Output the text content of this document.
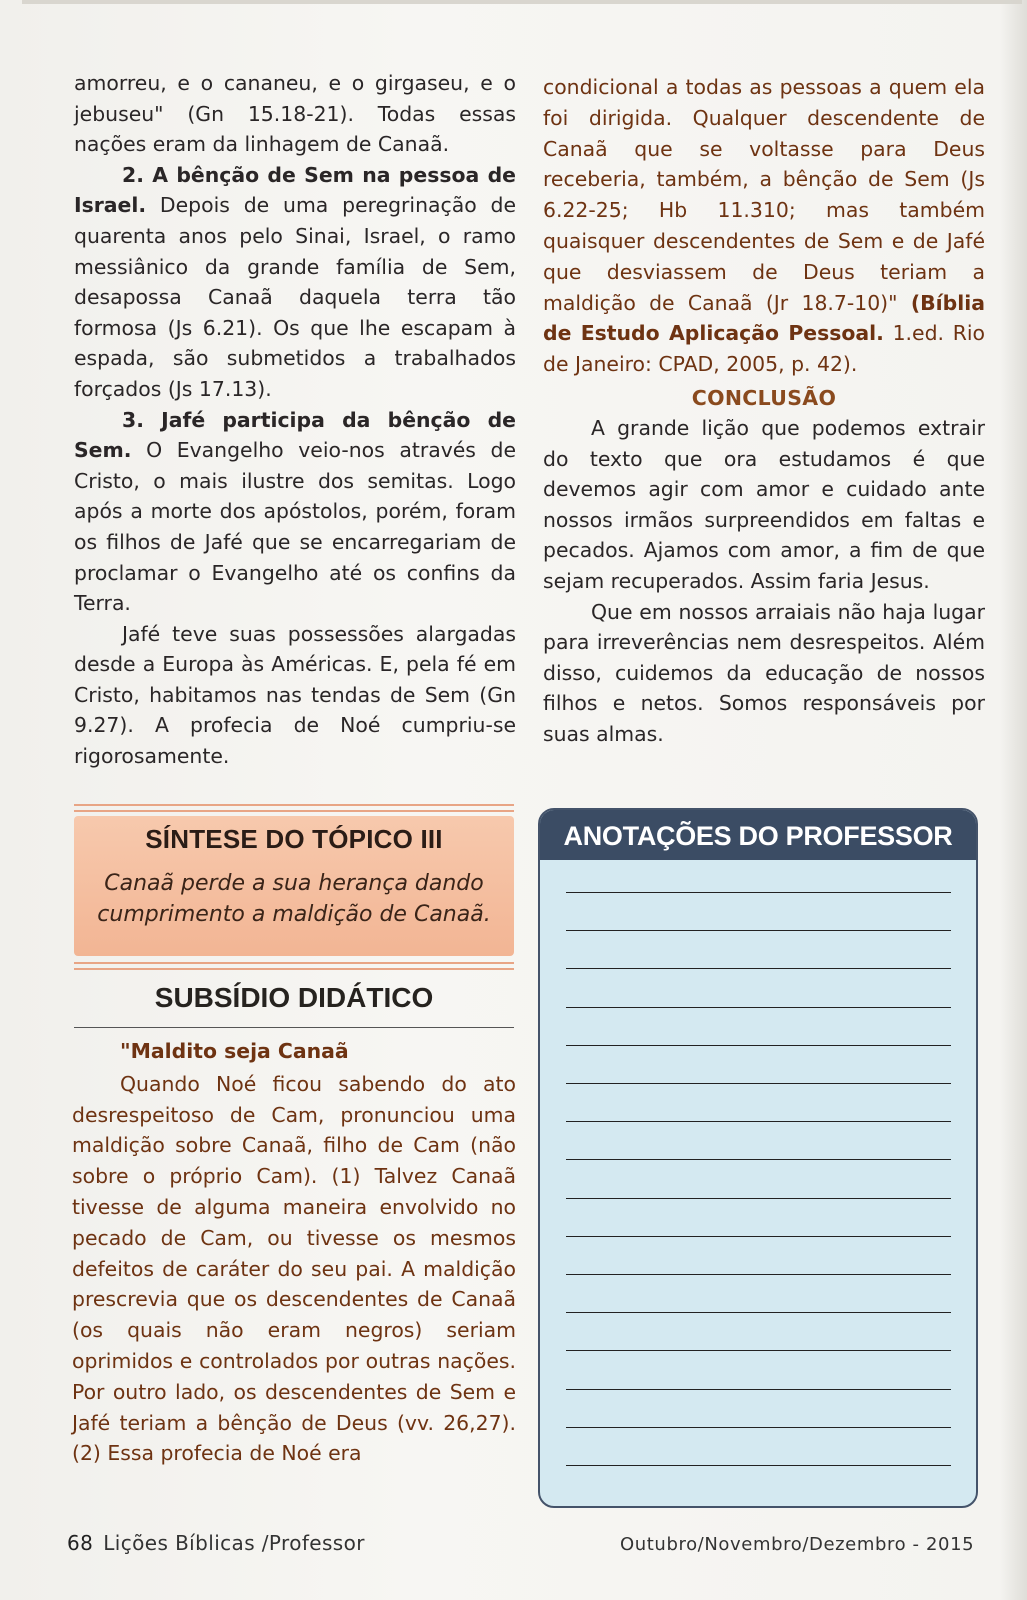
amorreu, e o cananeu, e o girgaseu, e o jebuseu" (Gn 15.18-21). Todas essas nações eram da linhagem de Canaã.

2. A bênção de Sem na pessoa de Israel. Depois de uma peregrinação de quarenta anos pelo Sinai, Israel, o ramo messiânico da grande família de Sem, desapossa Canaã daquela terra tão formosa (Js 6.21). Os que lhe escapam à espada, são submetidos a trabalhados forçados (Js 17.13).

3. Jafé participa da bênção de Sem. O Evangelho veio-nos através de Cristo, o mais ilustre dos semitas. Logo após a morte dos apóstolos, porém, foram os filhos de Jafé que se encarregariam de proclamar o Evangelho até os confins da Terra.

Jafé teve suas possessões alargadas desde a Europa às Américas. E, pela fé em Cristo, habitamos nas tendas de Sem (Gn 9.27). A profecia de Noé cumpriu-se rigorosamente.

SÍNTESE DO TÓPICO III
Canaã perde a sua herança dando cumprimento a maldição de Canaã.
SUBSÍDIO DIDÁTICO

"Maldito seja Canaã

Quando Noé ficou sabendo do ato desrespeitoso de Cam, pronunciou uma maldição sobre Canaã, filho de Cam (não sobre o próprio Cam). (1) Talvez Canaã tivesse de alguma maneira envolvido no pecado de Cam, ou tivesse os mesmos defeitos de caráter do seu pai. A maldição prescrevia que os descendentes de Canaã (os quais não eram negros) seriam oprimidos e controlados por outras nações. Por outro lado, os descendentes de Sem e Jafé teriam a bênção de Deus (vv. 26,27). (2) Essa profecia de Noé era

condicional a todas as pessoas a quem ela foi dirigida. Qualquer descendente de Canaã que se voltasse para Deus receberia, também, a bênção de Sem (Js 6.22-25; Hb 11.310; mas também quaisquer descendentes de Sem e de Jafé que desviassem de Deus teriam a maldição de Canaã (Jr 18.7-10)" (Bíblia de Estudo Aplicação Pessoal. 1.ed. Rio de Janeiro: CPAD, 2005, p. 42).

CONCLUSÃO

A grande lição que podemos extrair do texto que ora estudamos é que devemos agir com amor e cuidado ante nossos irmãos surpreendidos em faltas e pecados. Ajamos com amor, a fim de que sejam recuperados. Assim faria Jesus.

Que em nossos arraiais não haja lugar para irreverências nem desrespeitos. Além disso, cuidemos da educação de nossos filhos e netos. Somos responsáveis por suas almas.

ANOTAÇÕES DO PROFESSOR
68 Lições Bíblicas /Professor	Outubro/Novembro/Dezembro - 2015
